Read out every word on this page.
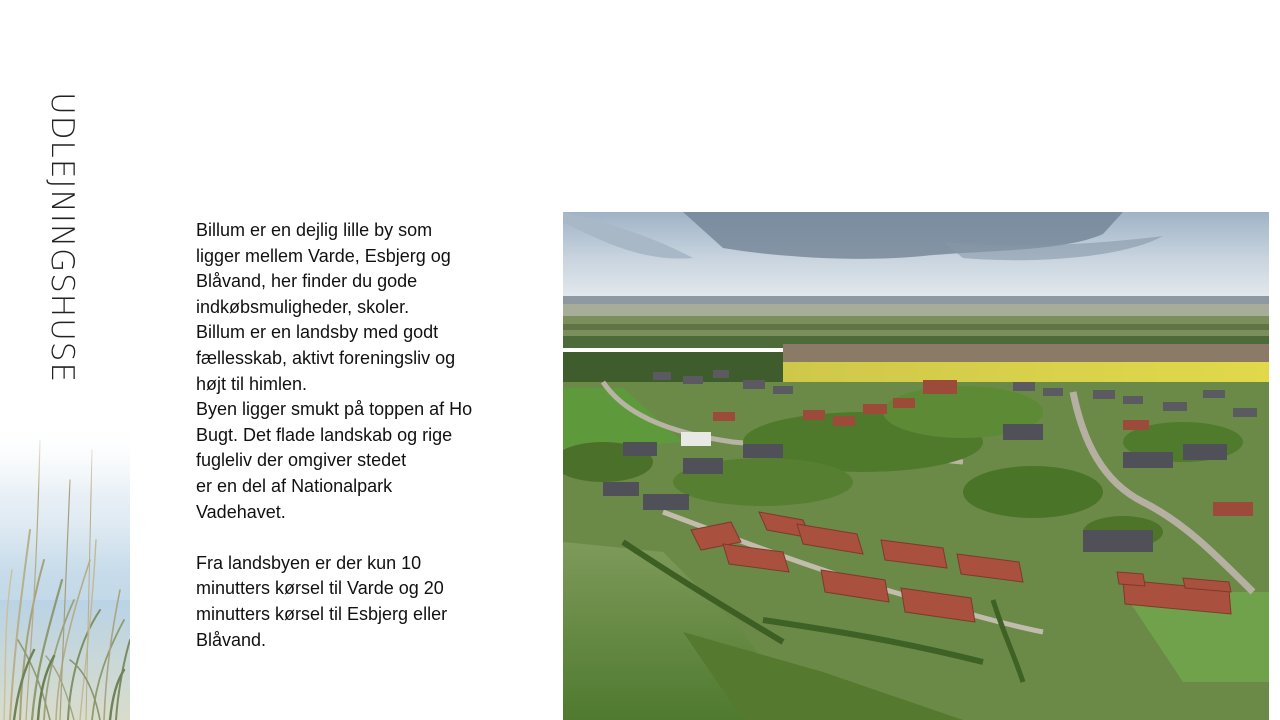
UDLEJNINGSHUSE	Billum er en dejlig lille by som
ligger mellem Varde, Esbjerg og
Blåvand, her finder du gode
indkøbsmuligheder, skoler.
Billum er en landsby med godt
fællesskab, aktivt foreningsliv og
højt til himlen.
Byen ligger smukt på toppen af Ho
Bugt. Det flade landskab og rige
fugleliv der omgiver stedet
er en del af Nationalpark
Vadehavet.
Fra landsbyen er der kun 10
minutters kørsel til Varde og 20
minutters kørsel til Esbjerg eller
Blåvand.
